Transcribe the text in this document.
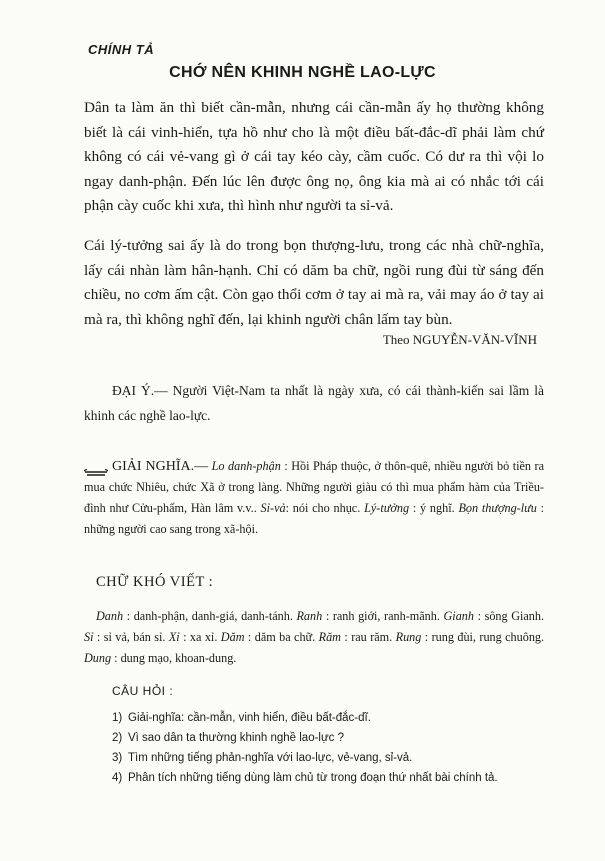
CHÍNH TẢ
CHỚ NÊN KHINH NGHỀ LAO-LỰC

Dân ta làm ăn thì biết cần-mẫn, nhưng cái cần-mẫn ấy họ thường không biết là cái vinh-hiển, tựa hồ như cho là một điều bất-đắc-dĩ phải làm chứ không có cái vẻ-vang gì ở cái tay kéo cày, cầm cuốc. Có dư ra thì vội lo ngay danh-phận. Đến lúc lên được ông nọ, ông kia mà ai có nhắc tới cái phận cày cuốc khi xưa, thì hình như người ta sỉ-vả.

Cái lý-tưởng sai ấy là do trong bọn thượng-lưu, trong các nhà chữ-nghĩa, lấy cái nhàn làm hân-hạnh. Chỉ có dăm ba chữ, ngồi rung đùi từ sáng đến chiều, no cơm ấm cật. Còn gạo thổi cơm ở tay ai mà ra, vải may áo ở tay ai mà ra, thì không nghĩ đến, lại khinh người chân lấm tay bùn.

Theo NGUYỄN-VĂN-VĨNH

ĐẠI Ý.— Người Việt-Nam ta nhất là ngày xưa, có cái thành-kiến sai lầm là khinh các nghề lao-lực.

GIẢI NGHĨA.— Lo danh-phận : Hồi Pháp thuộc, ở thôn-quê, nhiều người bỏ tiền ra mua chức Nhiêu, chức Xã ở trong làng. Những người giàu có thì mua phẩm hàm của Triều-đình như Cửu-phẩm, Hàn lâm v.v.. Sỉ-vả: nói cho nhục. Lý-tưởng : ý nghĩ. Bọn thượng-lưu : những người cao sang trong xã-hội.

CHỮ KHÓ VIẾT :

Danh : danh-phận, danh-giá, danh-tánh. Ranh : ranh giới, ranh-mãnh. Gianh : sông Gianh. Sỉ : sỉ vả, bán sỉ. Xỉ : xa xỉ. Dăm : dăm ba chữ. Răm : rau răm. Rung : rung đùi, rung chuông. Dung : dung mạo, khoan-dung.

CÂU HỎI :
1) Giải-nghĩa: cần-mẫn, vinh hiển, điều bất-đắc-dĩ.
2) Vì sao dân ta thường khinh nghề lao-lực ?
3) Tìm những tiếng phản-nghĩa với lao-lực, vẻ-vang, sỉ-vả.
4) Phân tích những tiếng dùng làm chủ từ trong đoạn thứ nhất bài chính tả.
